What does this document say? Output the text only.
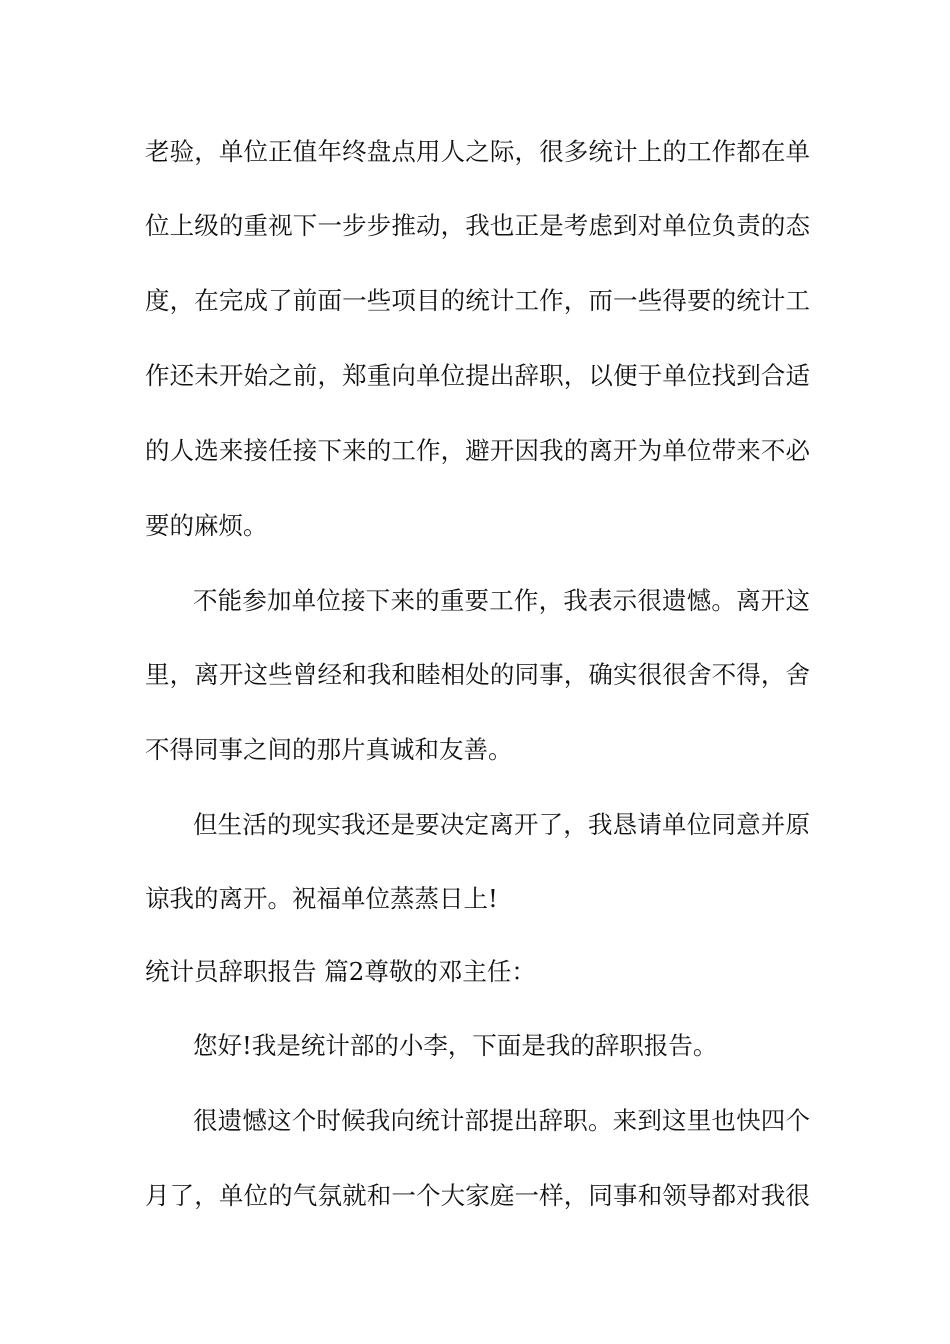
老验，单位正值年终盘点用人之际，很多统计上的工作都在单
位上级的重视下一步步推动，我也正是考虑到对单位负责的态
度，在完成了前面一些项目的统计工作，而一些得要的统计工
作还未开始之前，郑重向单位提出辞职，以便于单位找到合适
的人选来接任接下来的工作，避开因我的离开为单位带来不必
要的麻烦。
不能参加单位接下来的重要工作，我表示很遗憾。离开这
里，离开这些曾经和我和睦相处的同事，确实很很舍不得，舍
不得同事之间的那片真诚和友善。
但生活的现实我还是要决定离开了，我恳请单位同意并原
谅我的离开。祝福单位蒸蒸日上!
统计员辞职报告 篇2尊敬的邓主任：
您好!我是统计部的小李，下面是我的辞职报告。
很遗憾这个时候我向统计部提出辞职。来到这里也快四个
月了，单位的气氛就和一个大家庭一样，同事和领导都对我很
